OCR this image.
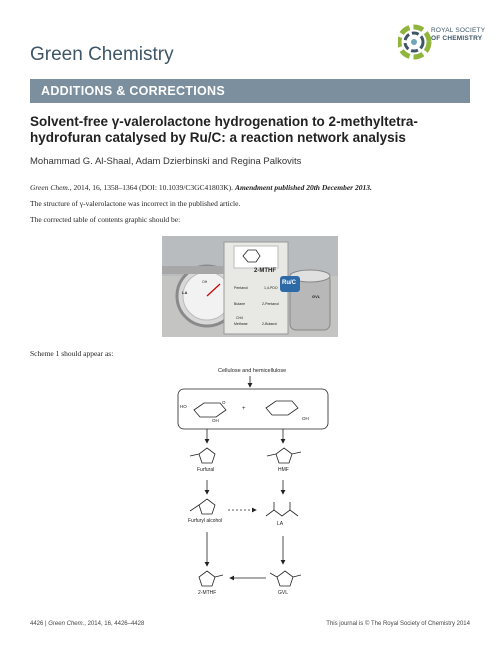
Green Chemistry
ROYAL SOCIETY
OF CHEMISTRY
ADDITIONS & CORRECTIONS
Solvent-free γ-valerolactone hydrogenation to 2-methyltetra-hydrofuran catalysed by Ru/C: a reaction network analysis
Mohammad G. Al-Shaal, Adam Dzierbinski and Regina Palkovits
Green Chem., 2014, 16, 1358–1364 (DOI: 10.1039/C3GC41803K). Amendment published 20th December 2013.
The structure of γ-valerolactone was incorrect in the published article.
The corrected table of contents graphic should be:
2-MTHF
Pentanol	1,4-PDO
Butane	2-Pentanol
CH4
Methane	2-Butanol
Ru/C
GVL
LA
OH
Scheme 1 should appear as:
Cellulose and hemicellulose
HO
OH
O
+
OH
Furfural	HMF
Furfuryl alcohol	LA
2-MTHF	GVL
4426 | Green Chem., 2014, 16, 4426–4428	This journal is © The Royal Society of Chemistry 2014
